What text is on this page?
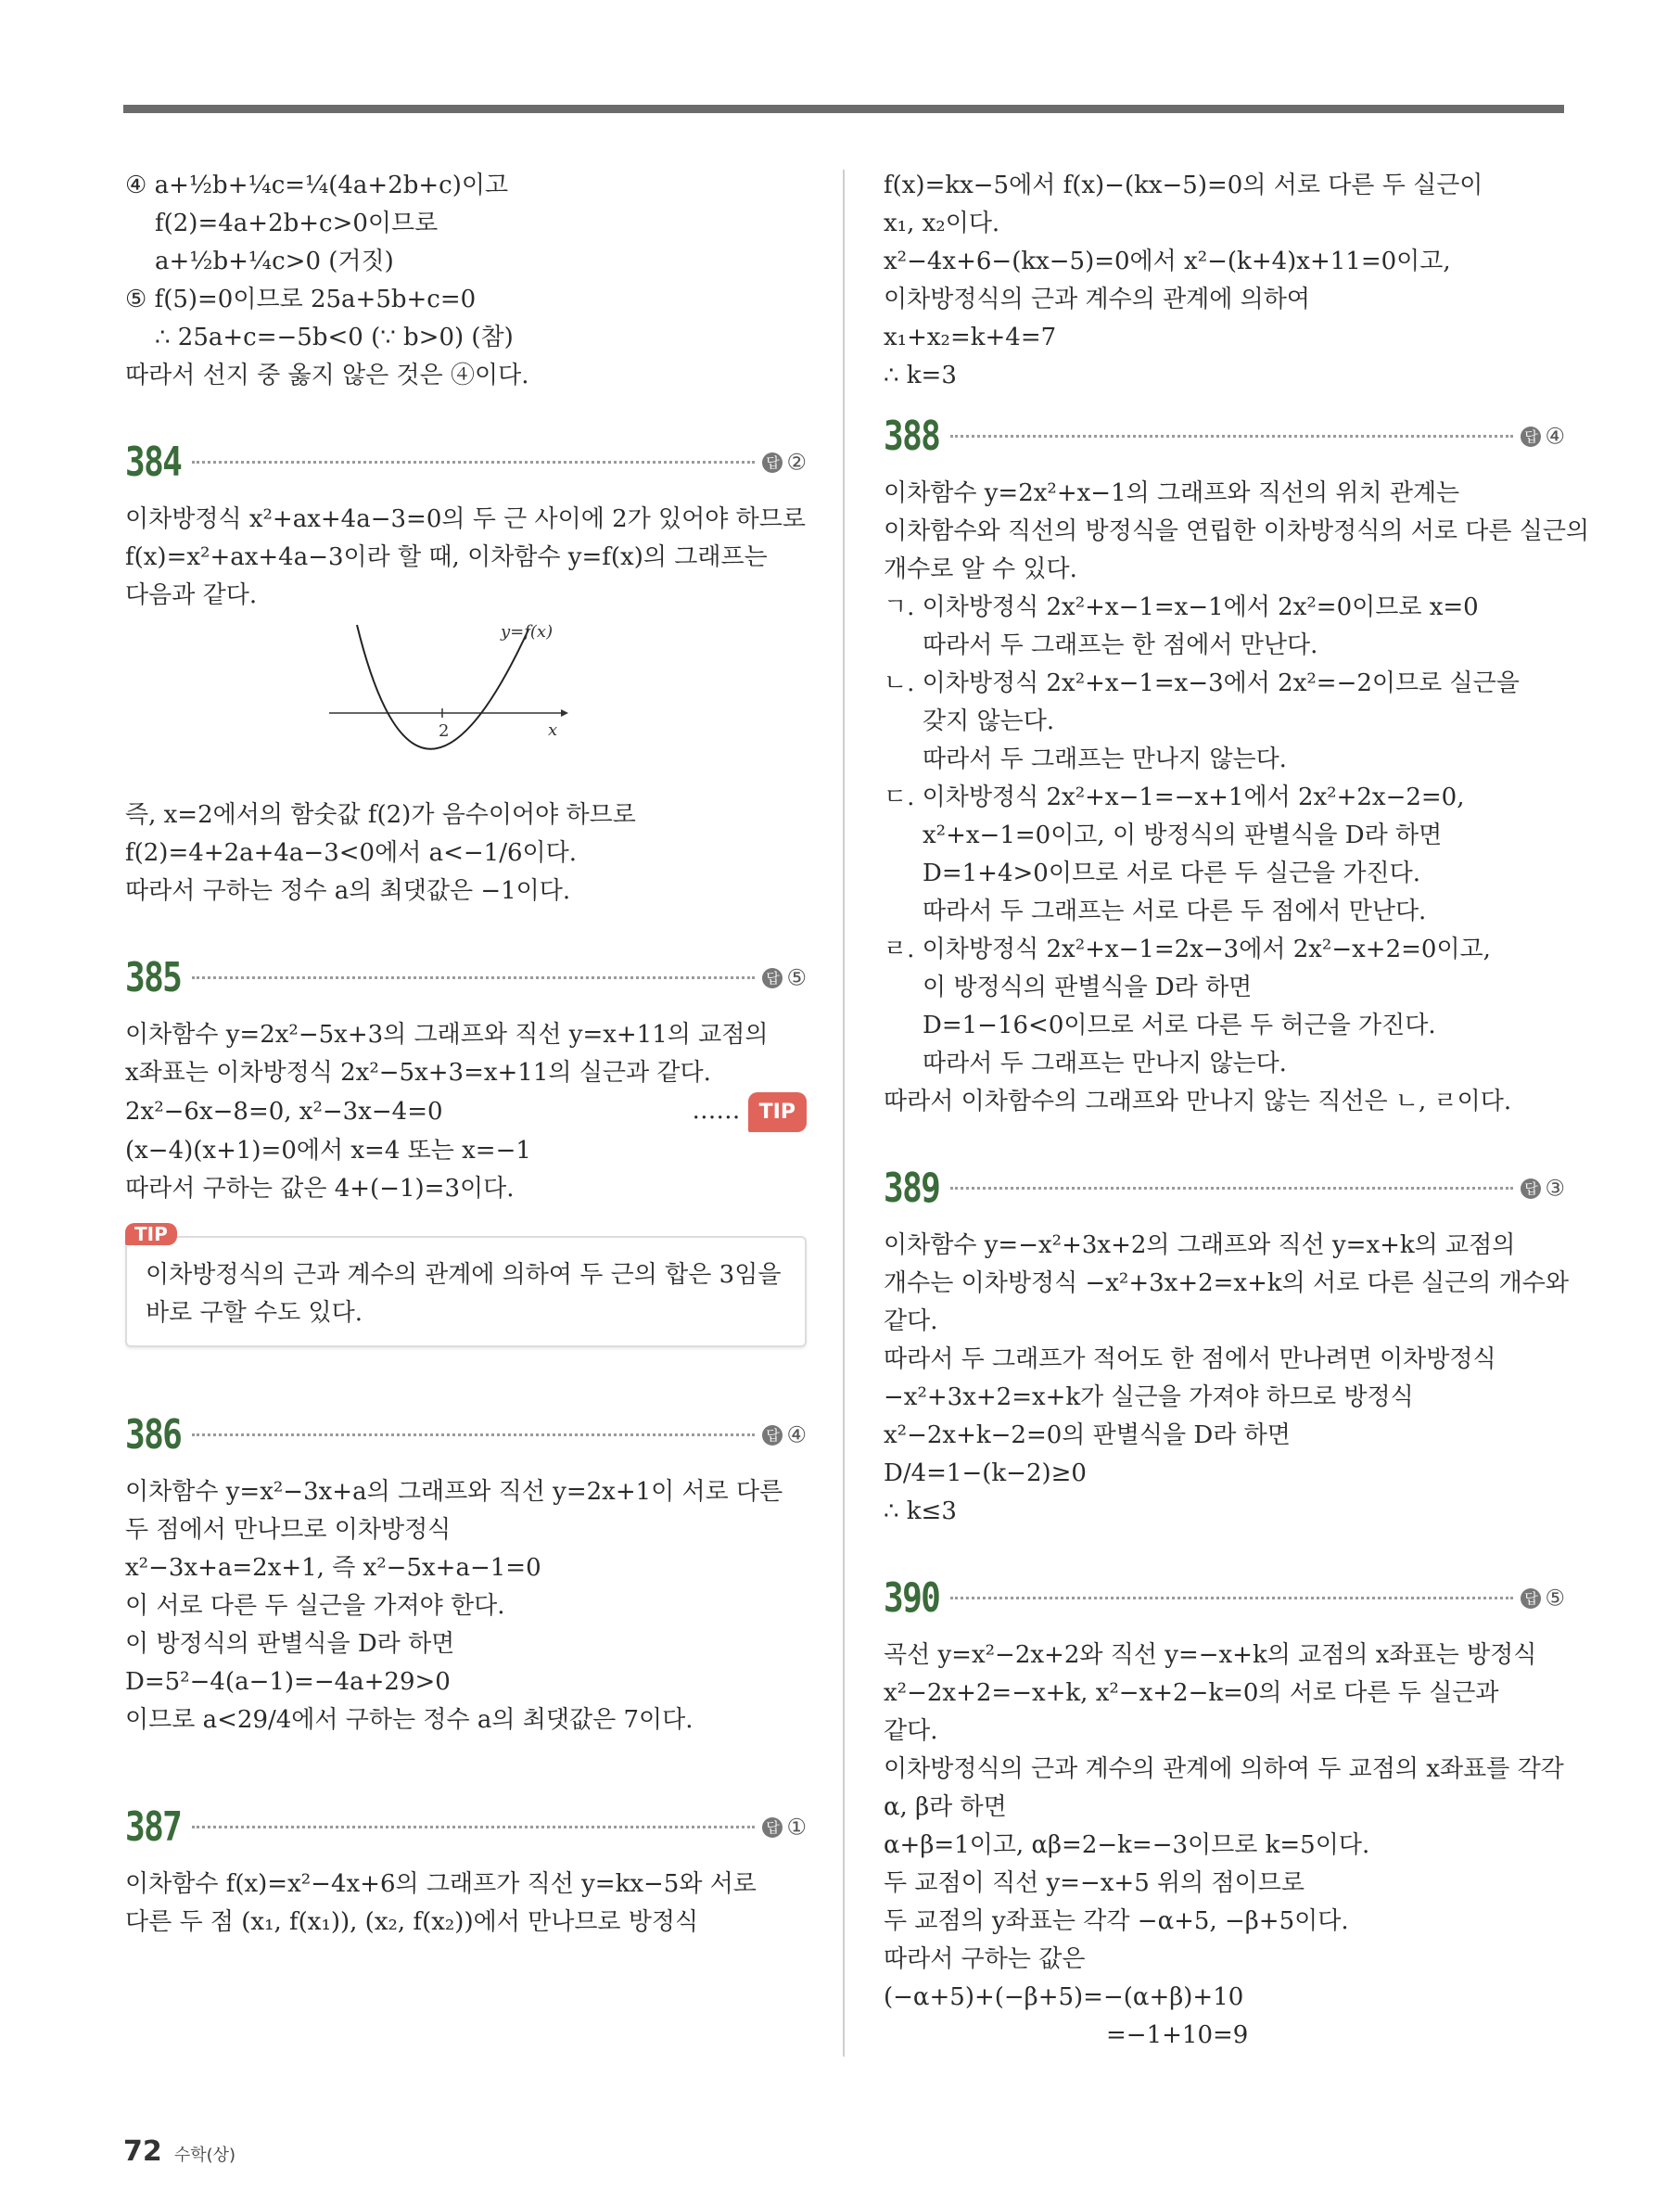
④ a+½b+¼c=¼(4a+2b+c)이고
f(2)=4a+2b+c>0이므로
a+½b+¼c>0 (거짓)
⑤ f(5)=0이므로 25a+5b+c=0
∴ 25a+c=−5b<0 (∵ b>0) (참)
따라서 선지 중 옳지 않은 것은 ④이다.
384	답 ②
이차방정식 x²+ax+4a−3=0의 두 근 사이에 2가 있어야 하므로
f(x)=x²+ax+4a−3이라 할 때, 이차함수 y=f(x)의 그래프는
다음과 같다.
2	x
y=f(x)
즉, x=2에서의 함숫값 f(2)가 음수이어야 하므로
f(2)=4+2a+4a−3<0에서 a<−1/6이다.
따라서 구하는 정수 a의 최댓값은 −1이다.
385	답 ⑤
이차함수 y=2x²−5x+3의 그래프와 직선 y=x+11의 교점의
x좌표는 이차방정식 2x²−5x+3=x+11의 실근과 같다.
2x²−6x−8=0, x²−3x−4=0	…… TIP
(x−4)(x+1)=0에서 x=4 또는 x=−1
따라서 구하는 값은 4+(−1)=3이다.
TIP
이차방정식의 근과 계수의 관계에 의하여 두 근의 합은 3임을
바로 구할 수도 있다.
386	답 ④
이차함수 y=x²−3x+a의 그래프와 직선 y=2x+1이 서로 다른
두 점에서 만나므로 이차방정식
x²−3x+a=2x+1, 즉 x²−5x+a−1=0
이 서로 다른 두 실근을 가져야 한다.
이 방정식의 판별식을 D라 하면
D=5²−4(a−1)=−4a+29>0
이므로 a<29/4에서 구하는 정수 a의 최댓값은 7이다.
387	답 ①
이차함수 f(x)=x²−4x+6의 그래프가 직선 y=kx−5와 서로
다른 두 점 (x₁, f(x₁)), (x₂, f(x₂))에서 만나므로 방정식
f(x)=kx−5에서 f(x)−(kx−5)=0의 서로 다른 두 실근이
x₁, x₂이다.
x²−4x+6−(kx−5)=0에서 x²−(k+4)x+11=0이고,
이차방정식의 근과 계수의 관계에 의하여
x₁+x₂=k+4=7
∴ k=3
388	답 ④
이차함수 y=2x²+x−1의 그래프와 직선의 위치 관계는
이차함수와 직선의 방정식을 연립한 이차방정식의 서로 다른 실근의
개수로 알 수 있다.
ㄱ. 이차방정식 2x²+x−1=x−1에서 2x²=0이므로 x=0
따라서 두 그래프는 한 점에서 만난다.
ㄴ. 이차방정식 2x²+x−1=x−3에서 2x²=−2이므로 실근을
갖지 않는다.
따라서 두 그래프는 만나지 않는다.
ㄷ. 이차방정식 2x²+x−1=−x+1에서 2x²+2x−2=0,
x²+x−1=0이고, 이 방정식의 판별식을 D라 하면
D=1+4>0이므로 서로 다른 두 실근을 가진다.
따라서 두 그래프는 서로 다른 두 점에서 만난다.
ㄹ. 이차방정식 2x²+x−1=2x−3에서 2x²−x+2=0이고,
이 방정식의 판별식을 D라 하면
D=1−16<0이므로 서로 다른 두 허근을 가진다.
따라서 두 그래프는 만나지 않는다.
따라서 이차함수의 그래프와 만나지 않는 직선은 ㄴ, ㄹ이다.
389	답 ③
이차함수 y=−x²+3x+2의 그래프와 직선 y=x+k의 교점의
개수는 이차방정식 −x²+3x+2=x+k의 서로 다른 실근의 개수와
같다.
따라서 두 그래프가 적어도 한 점에서 만나려면 이차방정식
−x²+3x+2=x+k가 실근을 가져야 하므로 방정식
x²−2x+k−2=0의 판별식을 D라 하면
D/4=1−(k−2)≥0
∴ k≤3
390	답 ⑤
곡선 y=x²−2x+2와 직선 y=−x+k의 교점의 x좌표는 방정식
x²−2x+2=−x+k, x²−x+2−k=0의 서로 다른 두 실근과
같다.
이차방정식의 근과 계수의 관계에 의하여 두 교점의 x좌표를 각각
α, β라 하면
α+β=1이고, αβ=2−k=−3이므로 k=5이다.
두 교점이 직선 y=−x+5 위의 점이므로
두 교점의 y좌표는 각각 −α+5, −β+5이다.
따라서 구하는 값은
(−α+5)+(−β+5)=−(α+β)+10
=−1+10=9
72 수학(상)
